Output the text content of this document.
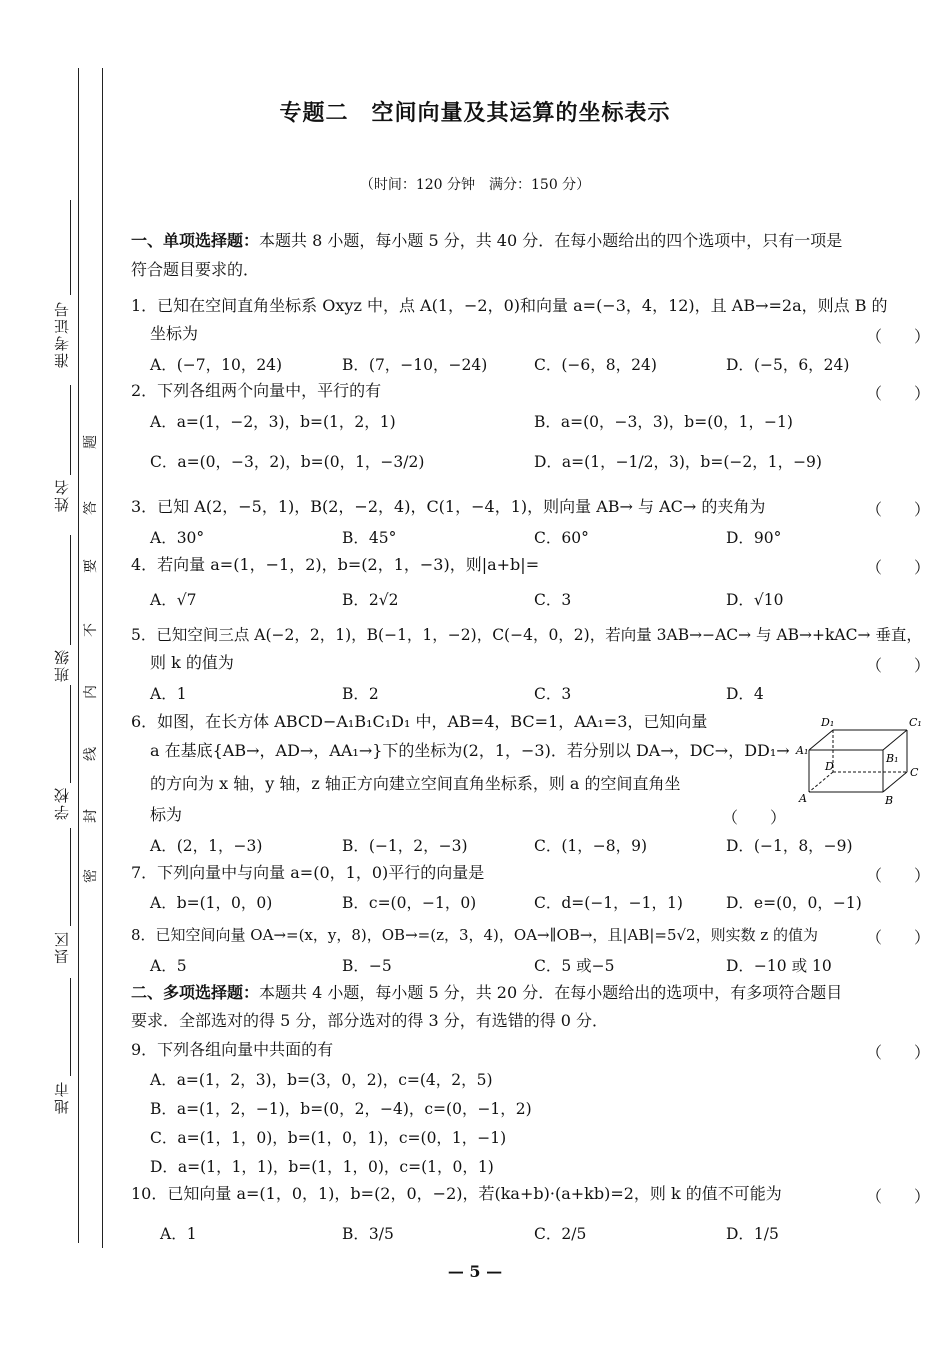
准考证号
姓名
班级
学校
县区
地市
题
答
要
不
内
线
封
密
专题二　空间向量及其运算的坐标表示
（时间：120 分钟　满分：150 分）
一、单项选择题：本题共 8 小题，每小题 5 分，共 40 分．在每小题给出的四个选项中，只有一项是
符合题目要求的．
1．已知在空间直角坐标系 Oxyz 中，点 A(1，−2，0)和向量 a=(−3，4，12)，且 AB→=2a，则点 B 的
坐标为	（　　）
A．(−7，10，24)	B．(7，−10，−24)	C．(−6，8，24)	D．(−5，6，24)
2．下列各组两个向量中，平行的有	（　　）
A．a=(1，−2，3)，b=(1，2，1)	B．a=(0，−3，3)，b=(0，1，−1)
C．a=(0，−3，2)，b=(0，1，−3/2)	D．a=(1，−1/2，3)，b=(−2，1，−9)
3．已知 A(2，−5，1)，B(2，−2，4)，C(1，−4，1)，则向量 AB→ 与 AC→ 的夹角为	（　　）
A．30°	B．45°	C．60°	D．90°
4．若向量 a=(1，−1，2)，b=(2，1，−3)，则|a+b|=	（　　）
A．√7	B．2√2	C．3	D．√10
5．已知空间三点 A(−2，2，1)，B(−1，1，−2)，C(−4，0，2)，若向量 3AB→−AC→ 与 AB→+kAC→ 垂直，
则 k 的值为	（　　）
A．1	B．2	C．3	D．4
6．如图，在长方体 ABCD−A₁B₁C₁D₁ 中，AB=4，BC=1，AA₁=3，已知向量
a 在基底{AB→，AD→，AA₁→}下的坐标为(2，1，−3)．若分别以 DA→，DC→，DD₁→
的方向为 x 轴，y 轴，z 轴正方向建立空间直角坐标系，则 a 的空间直角坐
标为	（　　）
D₁	C₁
A₁
B₁
D	C
A	B
A．(2，1，−3)	B．(−1，2，−3)	C．(1，−8，9)	D．(−1，8，−9)
7．下列向量中与向量 a=(0，1，0)平行的向量是	（　　）
A．b=(1，0，0)	B．c=(0，−1，0)	C．d=(−1，−1，1)	D．e=(0，0，−1)
8．已知空间向量 OA→=(x，y，8)，OB→=(z，3，4)，OA→∥OB→，且|AB|=5√2，则实数 z 的值为	（　　）
A．5	B．−5	C．5 或−5	D．−10 或 10
二、多项选择题：本题共 4 小题，每小题 5 分，共 20 分．在每小题给出的选项中，有多项符合题目
要求．全部选对的得 5 分，部分选对的得 3 分，有选错的得 0 分．
9．下列各组向量中共面的有	（　　）
A．a=(1，2，3)，b=(3，0，2)，c=(4，2，5)
B．a=(1，2，−1)，b=(0，2，−4)，c=(0，−1，2)
C．a=(1，1，0)，b=(1，0，1)，c=(0，1，−1)
D．a=(1，1，1)，b=(1，1，0)，c=(1，0，1)
10．已知向量 a=(1，0，1)，b=(2，0，−2)，若(ka+b)·(a+kb)=2，则 k 的值不可能为	（　　）
A．1	B．3/5	C．2/5	D．1/5
— 5 —
